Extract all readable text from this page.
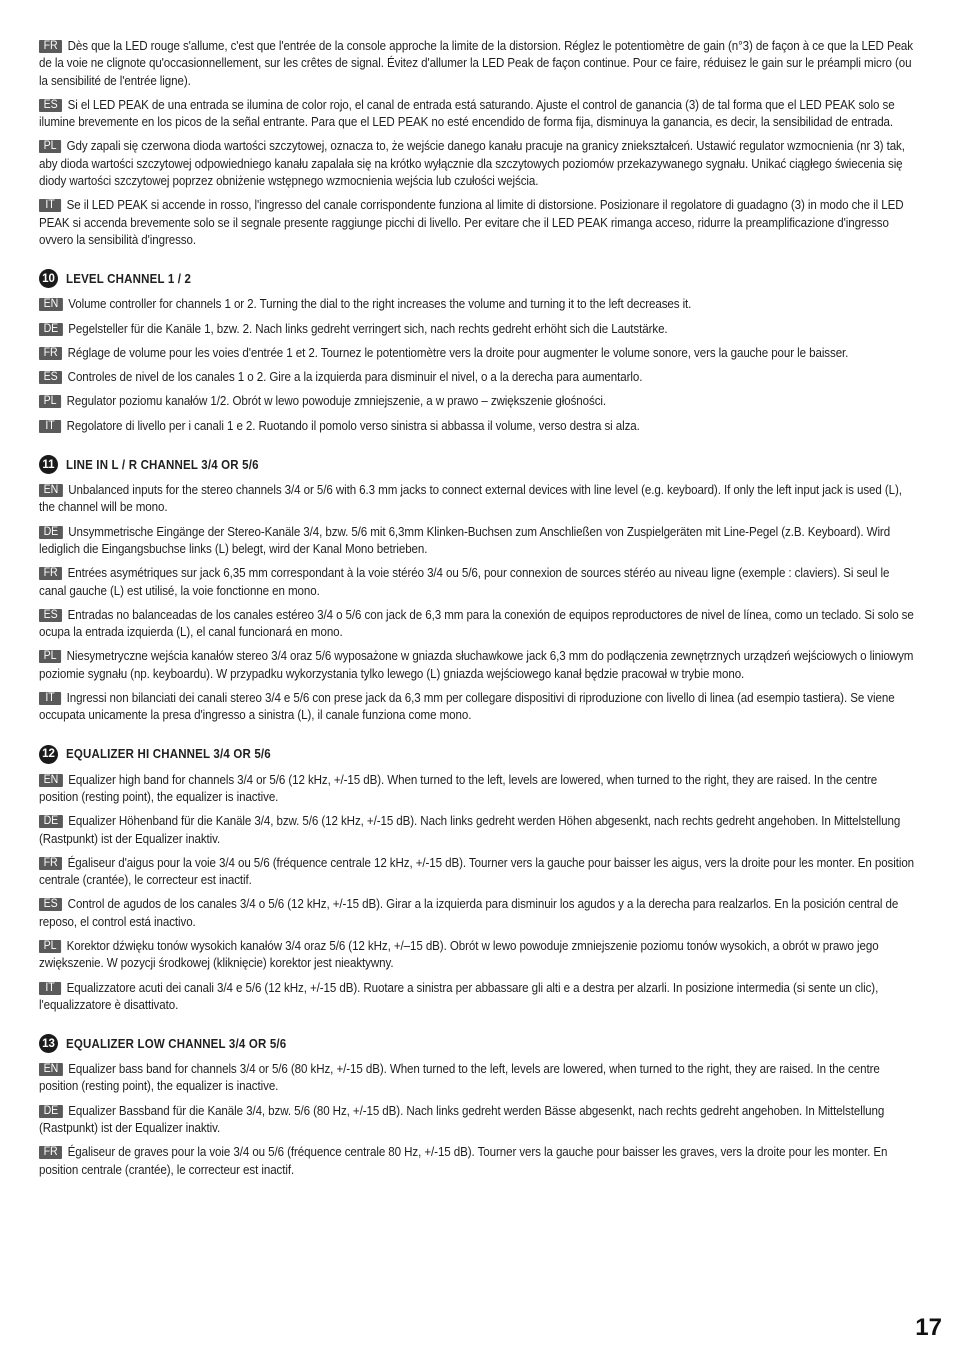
FR Dès que la LED rouge s'allume, c'est que l'entrée de la console approche la limite de la distorsion. Réglez le potentiomètre de gain (n°3) de façon à ce que la LED Peak de la voie ne clignote qu'occasionnellement, sur les crêtes de signal. Évitez d'allumer la LED Peak de façon continue. Pour ce faire, réduisez le gain sur le préampli micro (ou la sensibilité de l'entrée ligne).
ES Si el LED PEAK de una entrada se ilumina de color rojo, el canal de entrada está saturando. Ajuste el control de ganancia (3) de tal forma que el LED PEAK solo se ilumine brevemente en los picos de la señal entrante. Para que el LED PEAK no esté encendido de forma fija, disminuya la ganancia, es decir, la sensibilidad de entrada.
PL Gdy zapali się czerwona dioda wartości szczytowej, oznacza to, że wejście danego kanału pracuje na granicy zniekształceń. Ustawić regulator wzmocnienia (nr 3) tak, aby dioda wartości szczytowej odpowiedniego kanału zapalała się na krótko wyłącznie dla szczytowych poziomów przekazywanego sygnału. Unikać ciągłego świecenia się diody wartości szczytowej poprzez obniżenie wstępnego wzmocnienia wejścia lub czułości wejścia.
IT Se il LED PEAK si accende in rosso, l'ingresso del canale corrispondente funziona al limite di distorsione. Posizionare il regolatore di guadagno (3) in modo che il LED PEAK si accenda brevemente solo se il segnale presente raggiunge picchi di livello. Per evitare che il LED PEAK rimanga acceso, ridurre la preamplificazione d'ingresso ovvero la sensibilità d'ingresso.
10 LEVEL CHANNEL 1 / 2
EN Volume controller for channels 1 or 2. Turning the dial to the right increases the volume and turning it to the left decreases it.
DE Pegelsteller für die Kanäle 1, bzw. 2. Nach links gedreht verringert sich, nach rechts gedreht erhöht sich die Lautstärke.
FR Réglage de volume pour les voies d'entrée 1 et 2. Tournez le potentiomètre vers la droite pour augmenter le volume sonore, vers la gauche pour le baisser.
ES Controles de nivel de los canales 1 o 2. Gire a la izquierda para disminuir el nivel, o a la derecha para aumentarlo.
PL Regulator poziomu kanałów 1/2. Obrót w lewo powoduje zmniejszenie, a w prawo – zwiększenie głośności.
IT Regolatore di livello per i canali 1 e 2. Ruotando il pomolo verso sinistra si abbassa il volume, verso destra si alza.
11 LINE IN L / R CHANNEL 3/4 OR 5/6
EN Unbalanced inputs for the stereo channels 3/4 or 5/6 with 6.3 mm jacks to connect external devices with line level (e.g. keyboard). If only the left input jack is used (L), the channel will be mono.
DE Unsymmetrische Eingänge der Stereo-Kanäle 3/4, bzw. 5/6 mit 6,3mm Klinken-Buchsen zum Anschließen von Zuspielgeräten mit Line-Pegel (z.B. Keyboard). Wird lediglich die Eingangsbuchse links (L) belegt, wird der Kanal Mono betrieben.
FR Entrées asymétriques sur jack 6,35 mm correspondant à la voie stéréo 3/4 ou 5/6, pour connexion de sources stéréo au niveau ligne (exemple : claviers). Si seul le canal gauche (L) est utilisé, la voie fonctionne en mono.
ES Entradas no balanceadas de los canales estéreo 3/4 o 5/6 con jack de 6,3 mm para la conexión de equipos reproductores de nivel de línea, como un teclado. Si solo se ocupa la entrada izquierda (L), el canal funcionará en mono.
PL Niesymetryczne wejścia kanałów stereo 3/4 oraz 5/6 wyposażone w gniazda słuchawkowe jack 6,3 mm do podłączenia zewnętrznych urządzeń wejściowych o liniowym poziomie sygnału (np. keyboardu). W przypadku wykorzystania tylko lewego (L) gniazda wejściowego kanał będzie pracował w trybie mono.
IT Ingressi non bilanciati dei canali stereo 3/4 e 5/6 con prese jack da 6,3 mm per collegare dispositivi di riproduzione con livello di linea (ad esempio tastiera). Se viene occupata unicamente la presa d'ingresso a sinistra (L), il canale funziona come mono.
12 EQUALIZER HI CHANNEL 3/4 OR 5/6
EN Equalizer high band for channels 3/4 or 5/6 (12 kHz, +/-15 dB). When turned to the left, levels are lowered, when turned to the right, they are raised. In the centre position (resting point), the equalizer is inactive.
DE Equalizer Höhenband für die Kanäle 3/4, bzw. 5/6 (12 kHz, +/-15 dB). Nach links gedreht werden Höhen abgesenkt, nach rechts gedreht angehoben. In Mittelstellung (Rastpunkt) ist der Equalizer inaktiv.
FR Égaliseur d'aigus pour la voie 3/4 ou 5/6 (fréquence centrale 12 kHz, +/-15 dB). Tourner vers la gauche pour baisser les aigus, vers la droite pour les monter. En position centrale (crantée), le correcteur est inactif.
ES Control de agudos de los canales 3/4 o 5/6 (12 kHz, +/-15 dB). Girar a la izquierda para disminuir los agudos y a la derecha para realzarlos. En la posición central de reposo, el control está inactivo.
PL Korektor dźwięku tonów wysokich kanałów 3/4 oraz 5/6 (12 kHz, +/–15 dB). Obrót w lewo powoduje zmniejszenie poziomu tonów wysokich, a obrót w prawo jego zwiększenie. W pozycji środkowej (kliknięcie) korektor jest nieaktywny.
IT Equalizzatore acuti dei canali 3/4 e 5/6 (12 kHz, +/-15 dB). Ruotare a sinistra per abbassare gli alti e a destra per alzarli. In posizione intermedia (si sente un clic), l'equalizzatore è disattivato.
13 EQUALIZER LOW CHANNEL 3/4 OR 5/6
EN Equalizer bass band for channels 3/4 or 5/6 (80 kHz, +/-15 dB). When turned to the left, levels are lowered, when turned to the right, they are raised. In the centre position (resting point), the equalizer is inactive.
DE Equalizer Bassband für die Kanäle 3/4, bzw. 5/6 (80 Hz, +/-15 dB). Nach links gedreht werden Bässe abgesenkt, nach rechts gedreht angehoben. In Mittelstellung (Rastpunkt) ist der Equalizer inaktiv.
FR Égaliseur de graves pour la voie 3/4 ou 5/6 (fréquence centrale 80 Hz, +/-15 dB). Tourner vers la gauche pour baisser les graves, vers la droite pour les monter. En position centrale (crantée), le correcteur est inactif.
17
